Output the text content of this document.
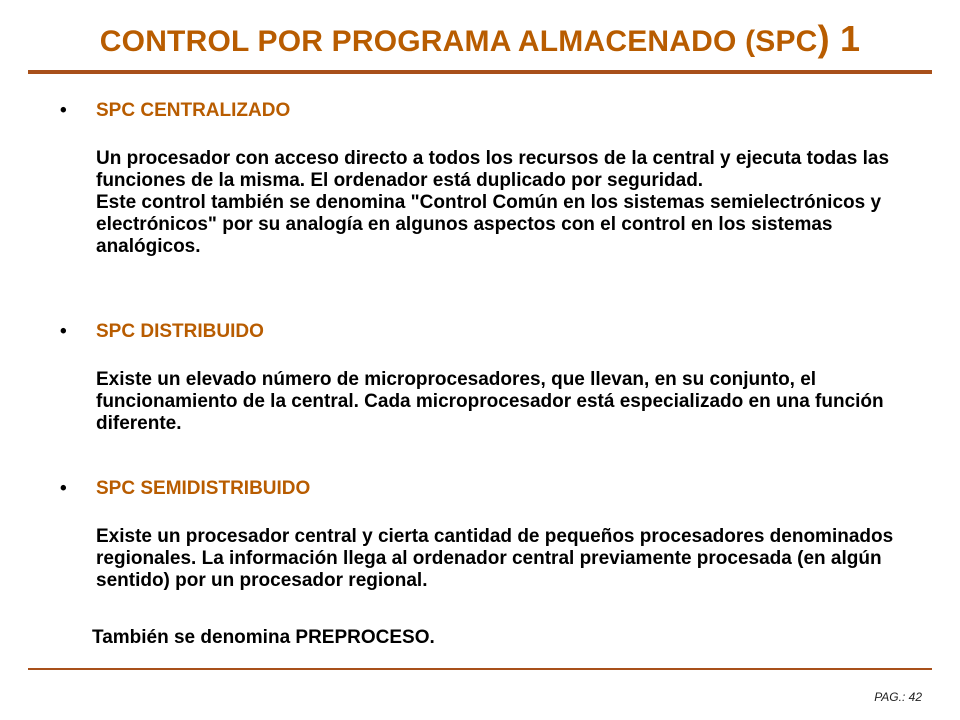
CONTROL POR PROGRAMA ALMACENADO (SPC) 1
•	SPC CENTRALIZADO
Un procesador con acceso directo a todos los recursos de la central y ejecuta todas las funciones de la misma. El ordenador está duplicado por seguridad.
Este control también se denomina "Control Común en los sistemas semielectrónicos y electrónicos" por su analogía en algunos aspectos con el control en los sistemas analógicos.
•	SPC DISTRIBUIDO
Existe un elevado número de microprocesadores, que llevan, en su conjunto, el funcionamiento de la central. Cada microprocesador está especializado en una función diferente.
•	SPC SEMIDISTRIBUIDO
Existe un procesador central y cierta cantidad de pequeños procesadores denominados regionales. La información llega al ordenador central previamente procesada (en algún sentido) por un procesador regional.
También se denomina PREPROCESO.
PAG.: 42
